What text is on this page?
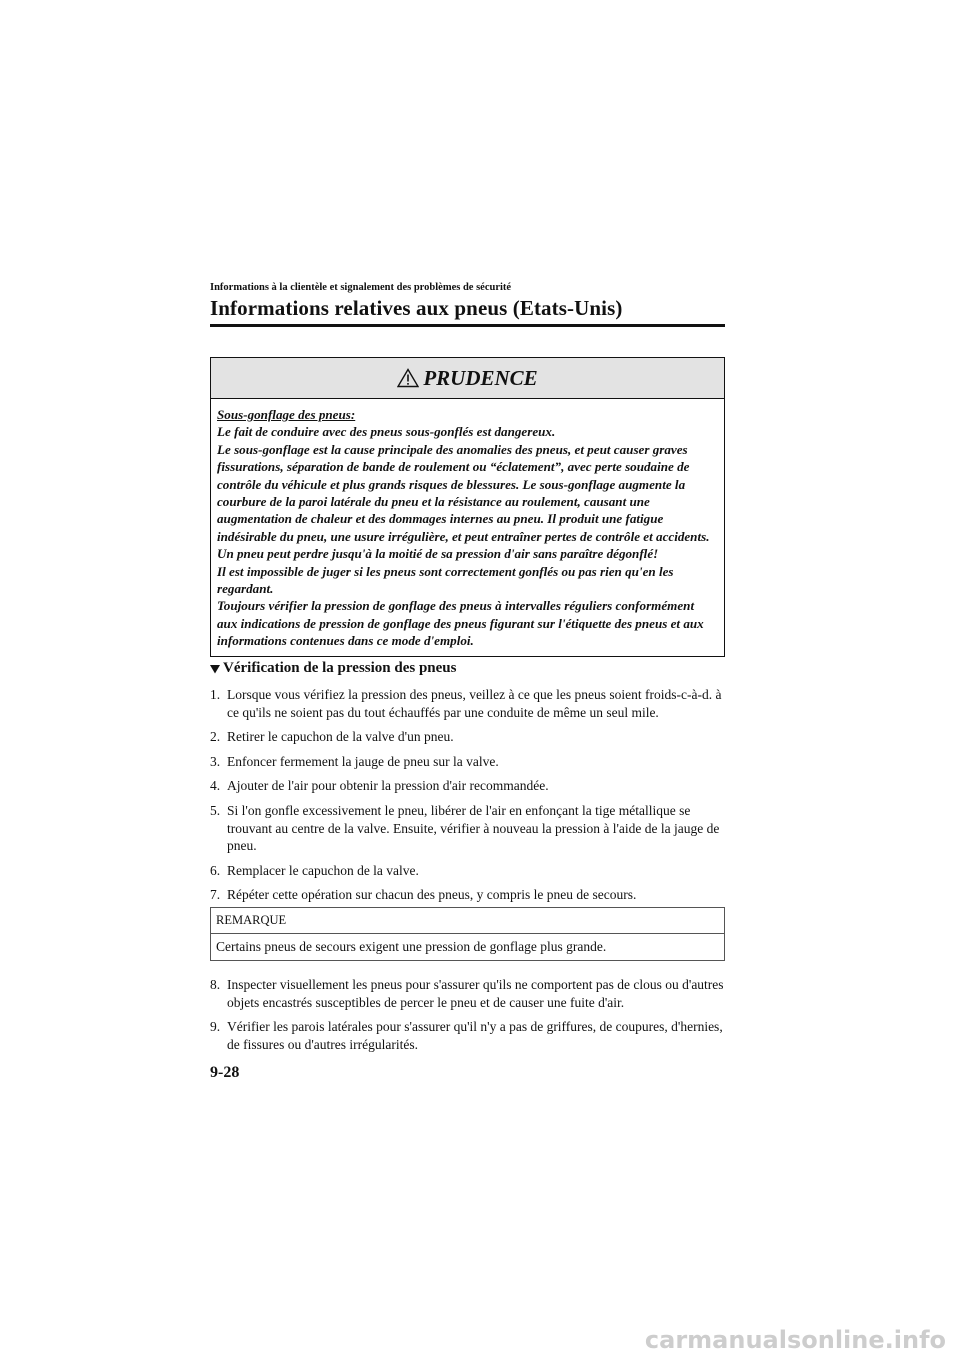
Informations à la clientèle et signalement des problèmes de sécurité
Informations relatives aux pneus (Etats-Unis)
PRUDENCE

Sous-gonflage des pneus:

Le fait de conduire avec des pneus sous-gonflés est dangereux.

Le sous-gonflage est la cause principale des anomalies des pneus, et peut causer graves fissurations, séparation de bande de roulement ou “éclatement”, avec perte soudaine de contrôle du véhicule et plus grands risques de blessures. Le sous-gonflage augmente la courbure de la paroi latérale du pneu et la résistance au roulement, causant une augmentation de chaleur et des dommages internes au pneu. Il produit une fatigue indésirable du pneu, une usure irrégulière, et peut entraîner pertes de contrôle et accidents. Un pneu peut perdre jusqu'à la moitié de sa pression d'air sans paraître dégonflé!

Il est impossible de juger si les pneus sont correctement gonflés ou pas rien qu'en les regardant.

Toujours vérifier la pression de gonflage des pneus à intervalles réguliers conformément aux indications de pression de gonflage des pneus figurant sur l'étiquette des pneus et aux informations contenues dans ce mode d'emploi.

Vérification de la pression des pneus
1. Lorsque vous vérifiez la pression des pneus, veillez à ce que les pneus soient froids-c-à-d. à ce qu'ils ne soient pas du tout échauffés par une conduite de même un seul mile.
2. Retirer le capuchon de la valve d'un pneu.
3. Enfoncer fermement la jauge de pneu sur la valve.
4. Ajouter de l'air pour obtenir la pression d'air recommandée.
5. Si l'on gonfle excessivement le pneu, libérer de l'air en enfonçant la tige métallique se trouvant au centre de la valve. Ensuite, vérifier à nouveau la pression à l'aide de la jauge de pneu.
6. Remplacer le capuchon de la valve.
7. Répéter cette opération sur chacun des pneus, y compris le pneu de secours.
REMARQUE
Certains pneus de secours exigent une pression de gonflage plus grande.
8. Inspecter visuellement les pneus pour s'assurer qu'ils ne comportent pas de clous ou d'autres objets encastrés susceptibles de percer le pneu et de causer une fuite d'air.
9. Vérifier les parois latérales pour s'assurer qu'il n'y a pas de griffures, de coupures, d'hernies, de fissures ou d'autres irrégularités.
9-28
carmanualsonline.info
